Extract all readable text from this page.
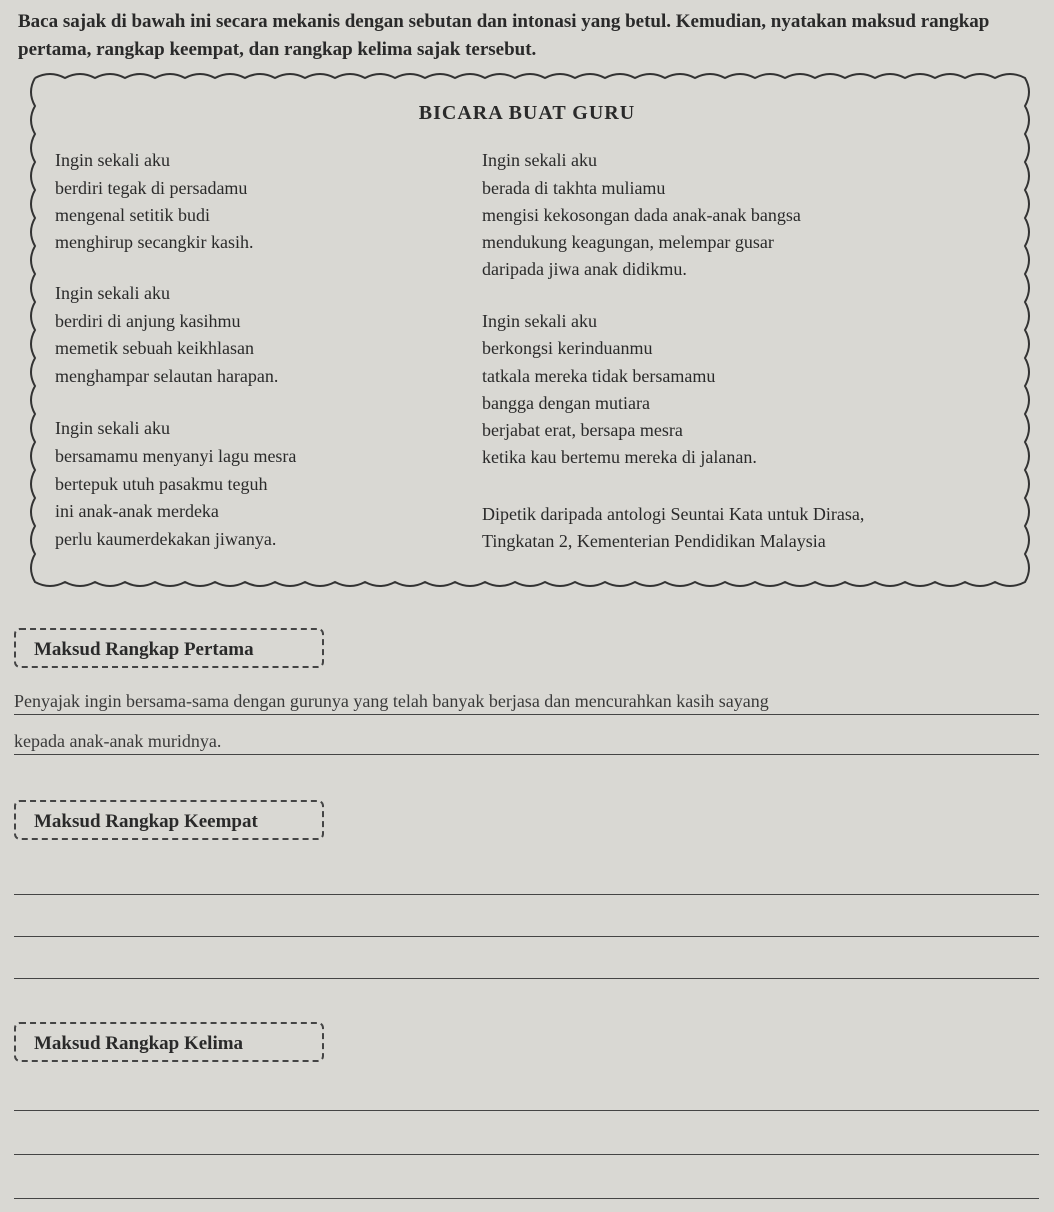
Baca sajak di bawah ini secara mekanis dengan sebutan dan intonasi yang betul. Kemudian, nyatakan maksud rangkap pertama, rangkap keempat, dan rangkap kelima sajak tersebut.
BICARA BUAT GURU
Ingin sekali aku
berdiri tegak di persadamu
mengenal setitik budi
menghirup secangkir kasih.
Ingin sekali aku
berdiri di anjung kasihmu
memetik sebuah keikhlasan
menghampar selautan harapan.
Ingin sekali aku
bersamamu menyanyi lagu mesra
bertepuk utuh pasakmu teguh
ini anak-anak merdeka
perlu kaumerdekakan jiwanya.
Ingin sekali aku
berada di takhta muliamu
mengisi kekosongan dada anak-anak bangsa
mendukung keagungan, melempar gusar
daripada jiwa anak didikmu.
Ingin sekali aku
berkongsi kerinduanmu
tatkala mereka tidak bersamamu
bangga dengan mutiara
berjabat erat, bersapa mesra
ketika kau bertemu mereka di jalanan.
Dipetik daripada antologi Seuntai Kata untuk Dirasa,
Tingkatan 2, Kementerian Pendidikan Malaysia
Maksud Rangkap Pertama
Penyajak ingin bersama-sama dengan gurunya yang telah banyak berjasa dan mencurahkan kasih sayang
kepada anak-anak muridnya.
Maksud Rangkap Keempat
Maksud Rangkap Kelima
